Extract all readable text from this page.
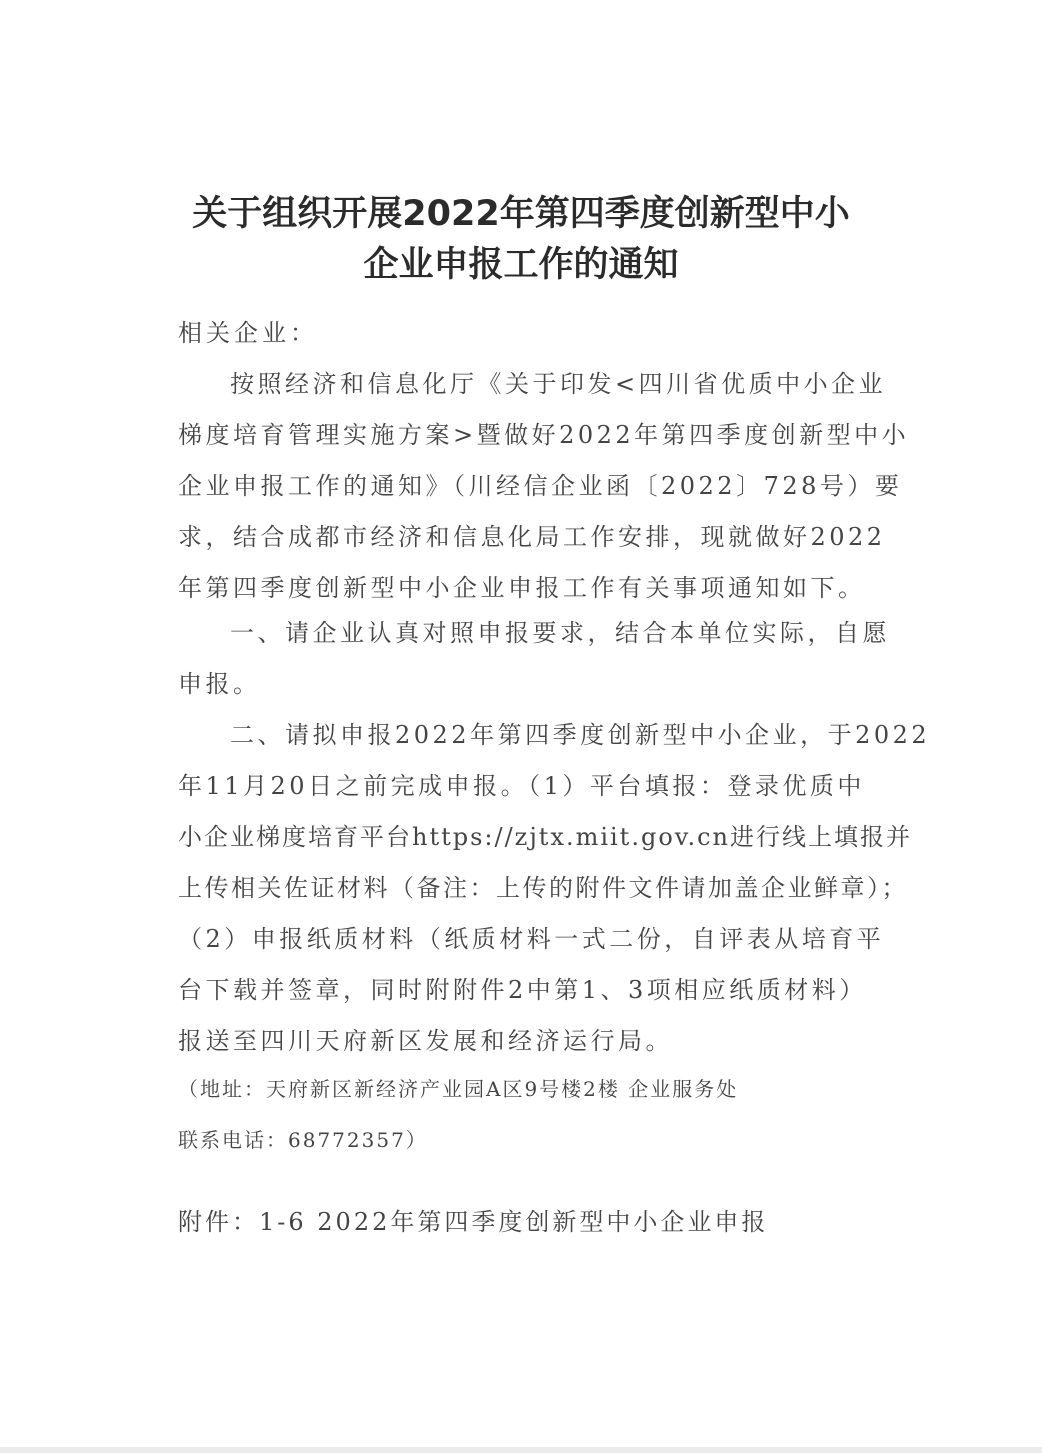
关于组织开展2022年第四季度创新型中小
企业申报工作的通知
相关企业：
按照经济和信息化厅《关于印发<四川省优质中小企业
梯度培育管理实施方案>暨做好2022年第四季度创新型中小
企业申报工作的通知》（川经信企业函〔2022〕728号）要
求，结合成都市经济和信息化局工作安排，现就做好2022
年第四季度创新型中小企业申报工作有关事项通知如下。
一、请企业认真对照申报要求，结合本单位实际，自愿
申报。
二、请拟申报2022年第四季度创新型中小企业，于2022
年11月20日之前完成申报。（1）平台填报：登录优质中
小企业梯度培育平台https://zjtx.miit.gov.cn进行线上填报并
上传相关佐证材料（备注：上传的附件文件请加盖企业鲜章）；
（2）申报纸质材料（纸质材料一式二份，自评表从培育平
台下载并签章，同时附附件2中第1、3项相应纸质材料）
报送至四川天府新区发展和经济运行局。
（地址：天府新区新经济产业园A区9号楼2楼 企业服务处
联系电话：68772357）
附件：1-6 2022年第四季度创新型中小企业申报
